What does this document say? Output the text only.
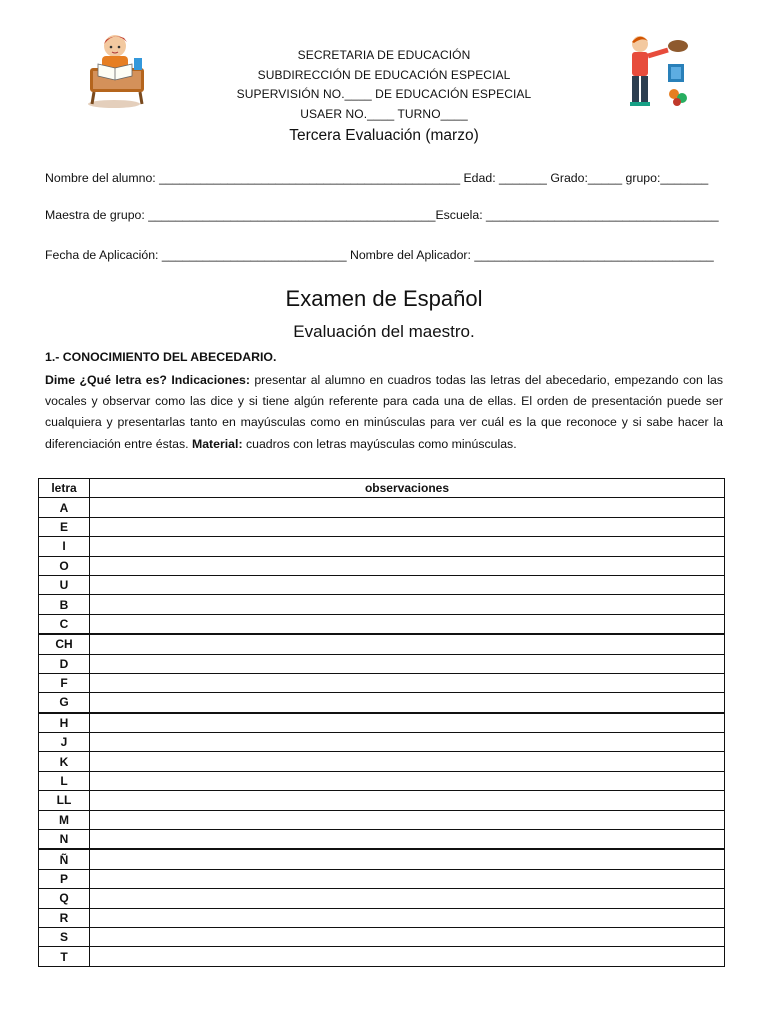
SECRETARIA DE EDUCACIÓN
SUBDIRECCIÓN DE EDUCACIÓN ESPECIAL
SUPERVISIÓN NO.____ DE EDUCACIÓN ESPECIAL
USAER NO.____ TURNO____
Tercera Evaluación (marzo)
Nombre del alumno: ____________________________________________ Edad: _______ Grado:_____ grupo:_______
Maestra de grupo: __________________________________________Escuela: __________________________________
Fecha de Aplicación: ___________________________ Nombre del Aplicador: ___________________________________
Examen de Español
Evaluación del maestro.
1.- CONOCIMIENTO DEL ABECEDARIO.
Dime ¿Qué letra es? Indicaciones: presentar al alumno en cuadros todas las letras del abecedario, empezando con las vocales y observar como las dice y si tiene algún referente para cada una de ellas. El orden de presentación puede ser cualquiera y presentarlas tanto en mayúsculas como en minúsculas para ver cuál es la que reconoce y si sabe hacer la diferenciación entre éstas. Material: cuadros con letras mayúsculas como minúsculas.
letra	observaciones
A	
E	
I	
O	
U	
B	
C	
CH	
D	
F	
G	
H	
J	
K	
L	
LL	
M	
N	
Ñ	
P	
Q	
R	
S	
T	
